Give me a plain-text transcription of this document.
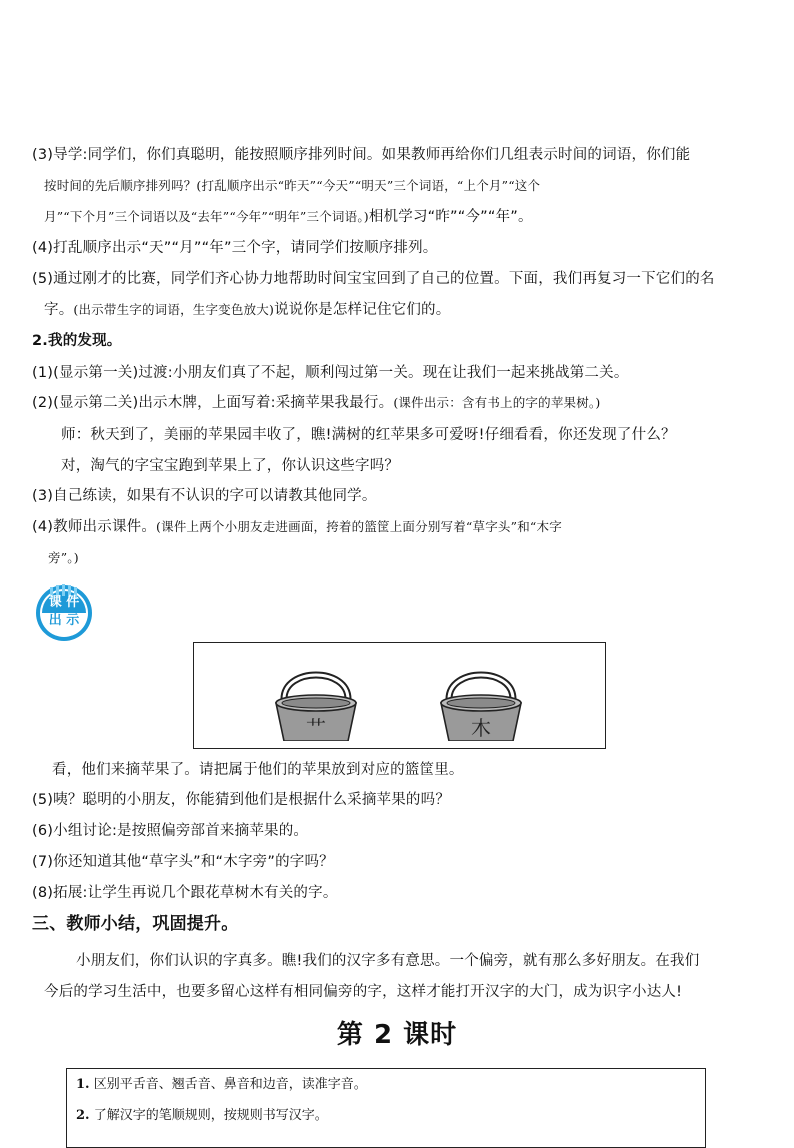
(3)导学:同学们，你们真聪明，能按照顺序排列时间。如果教师再给你们几组表示时间的词语，你们能
按时间的先后顺序排列吗？(打乱顺序出示“昨天”“今天”“明天”三个词语，“上个月”“这个
月”“下个月”三个词语以及“去年”“今年”“明年”三个词语。)相机学习“昨”“今”“年”。
(4)打乱顺序出示“天”“月”“年”三个字，请同学们按顺序排列。
(5)通过刚才的比赛，同学们齐心协力地帮助时间宝宝回到了自己的位置。下面，我们再复习一下它们的名
字。(出示带生字的词语，生字变色放大)说说你是怎样记住它们的。
2.我的发现。
(1)(显示第一关)过渡:小朋友们真了不起，顺利闯过第一关。现在让我们一起来挑战第二关。
(2)(显示第二关)出示木牌，上面写着:采摘苹果我最行。(课件出示：含有书上的字的苹果树。)
师：秋天到了，美丽的苹果园丰收了，瞧!满树的红苹果多可爱呀!仔细看看，你还发现了什么？
对，淘气的字宝宝跑到苹果上了，你认识这些字吗？
(3)自己练读，如果有不认识的字可以请教其他同学。
(4)教师出示课件。(课件上两个小朋友走进画面，挎着的篮筐上面分别写着“草字头”和“木字
旁”。)
课 件
出 示
艹	木
看，他们来摘苹果了。请把属于他们的苹果放到对应的篮筐里。
(5)咦？聪明的小朋友，你能猜到他们是根据什么采摘苹果的吗？
(6)小组讨论:是按照偏旁部首来摘苹果的。
(7)你还知道其他“草字头”和“木字旁”的字吗？
(8)拓展:让学生再说几个跟花草树木有关的字。
三、教师小结，巩固提升。
小朋友们，你们认识的字真多。瞧!我们的汉字多有意思。一个偏旁，就有那么多好朋友。在我们
今后的学习生活中，也要多留心这样有相同偏旁的字，这样才能打开汉字的大门，成为识字小达人!
第 2 课时
1. 区别平舌音、翘舌音、鼻音和边音，读准字音。
2. 了解汉字的笔顺规则，按规则书写汉字。
